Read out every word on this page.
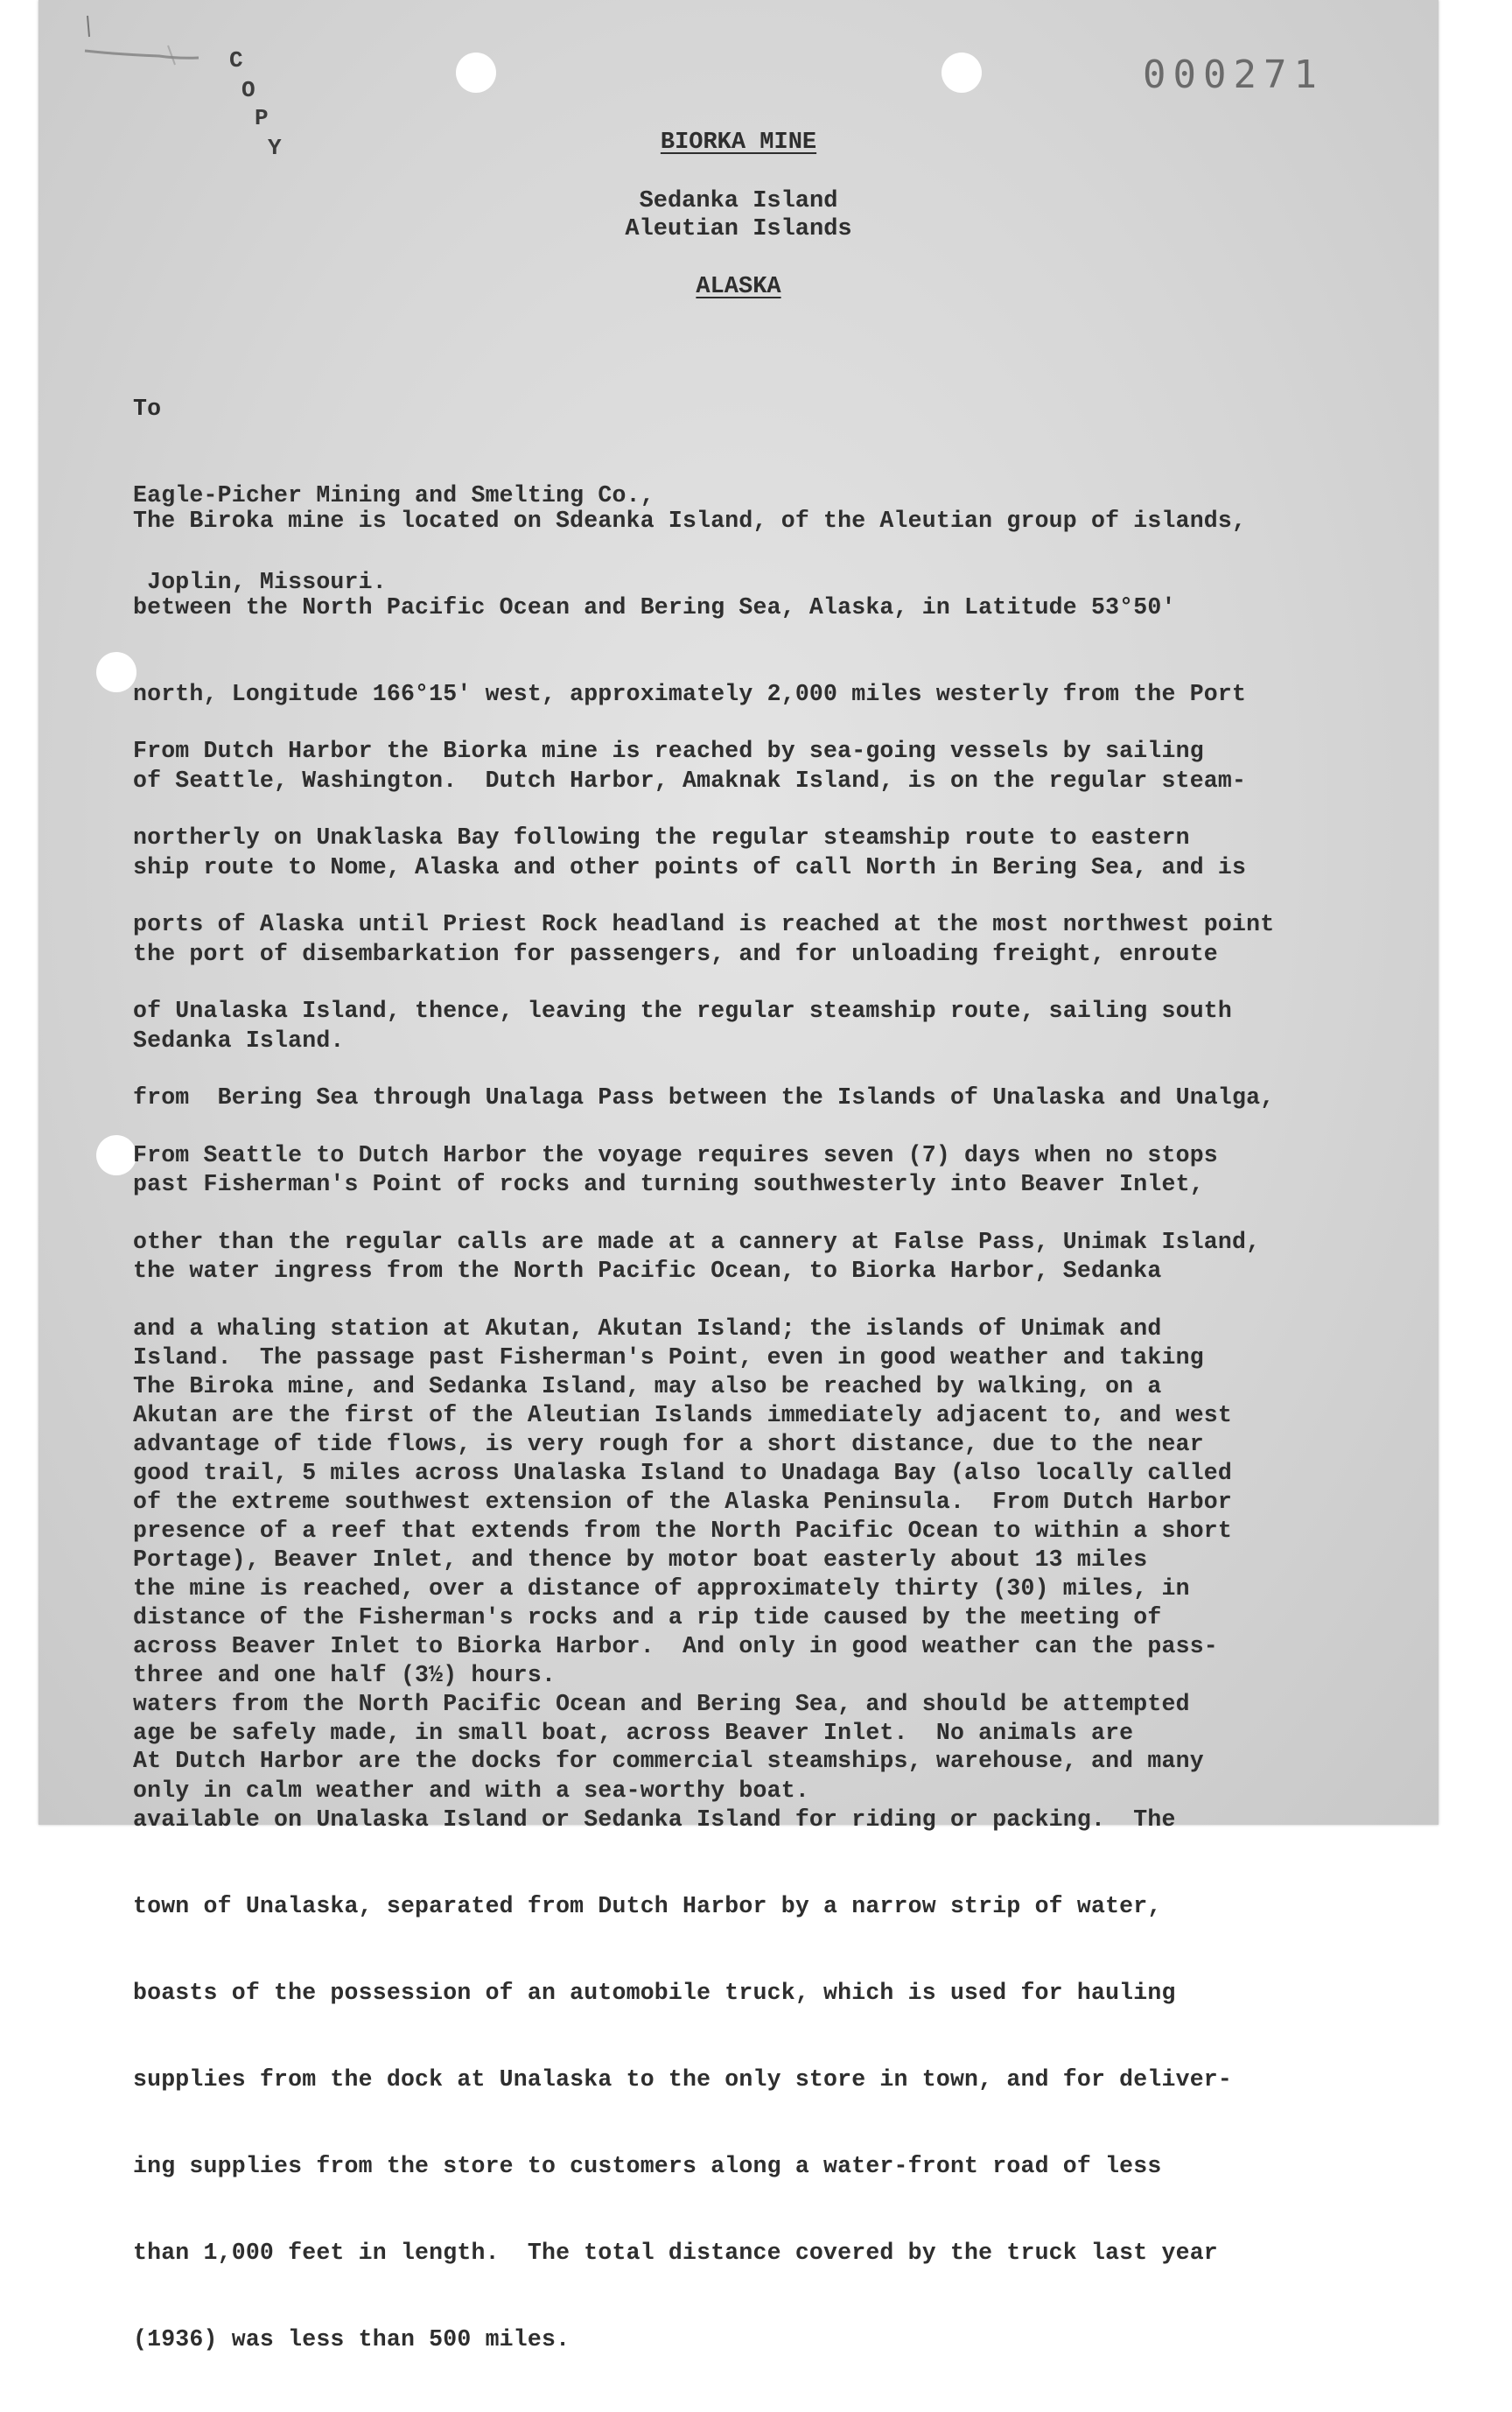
C
O
P
Y
000271
BIORKA MINE
Sedanka Island
Aleutian Islands
ALASKA

To

Eagle-Picher Mining and Smelting Co.,

Joplin, Missouri.

The Biroka mine is located on Sdeanka Island, of the Aleutian group of islands,

between the North Pacific Ocean and Bering Sea, Alaska, in Latitude 53°50'

north, Longitude 166°15' west, approximately 2,000 miles westerly from the Port

of Seattle, Washington.  Dutch Harbor, Amaknak Island, is on the regular steam-

ship route to Nome, Alaska and other points of call North in Bering Sea, and is

the port of disembarkation for passengers, and for unloading freight, enroute

Sedanka Island.

From Dutch Harbor the Biorka mine is reached by sea-going vessels by sailing

northerly on Unaklaska Bay following the regular steamship route to eastern

ports of Alaska until Priest Rock headland is reached at the most northwest point

of Unalaska Island, thence, leaving the regular steamship route, sailing south

from  Bering Sea through Unalaga Pass between the Islands of Unalaska and Unalga,

past Fisherman's Point of rocks and turning southwesterly into Beaver Inlet,

the water ingress from the North Pacific Ocean, to Biorka Harbor, Sedanka

Island.  The passage past Fisherman's Point, even in good weather and taking

advantage of tide flows, is very rough for a short distance, due to the near

presence of a reef that extends from the North Pacific Ocean to within a short

distance of the Fisherman's rocks and a rip tide caused by the meeting of

waters from the North Pacific Ocean and Bering Sea, and should be attempted

only in calm weather and with a sea-worthy boat.

From Seattle to Dutch Harbor the voyage requires seven (7) days when no stops

other than the regular calls are made at a cannery at False Pass, Unimak Island,

and a whaling station at Akutan, Akutan Island; the islands of Unimak and

Akutan are the first of the Aleutian Islands immediately adjacent to, and west

of the extreme southwest extension of the Alaska Peninsula.  From Dutch Harbor

the mine is reached, over a distance of approximately thirty (30) miles, in

three and one half (3½) hours.

The Biroka mine, and Sedanka Island, may also be reached by walking, on a

good trail, 5 miles across Unalaska Island to Unadaga Bay (also locally called

Portage), Beaver Inlet, and thence by motor boat easterly about 13 miles

across Beaver Inlet to Biorka Harbor.  And only in good weather can the pass-

age be safely made, in small boat, across Beaver Inlet.  No animals are

available on Unalaska Island or Sedanka Island for riding or packing.  The

town of Unalaska, separated from Dutch Harbor by a narrow strip of water,

boasts of the possession of an automobile truck, which is used for hauling

supplies from the dock at Unalaska to the only store in town, and for deliver-

ing supplies from the store to customers along a water-front road of less

than 1,000 feet in length.  The total distance covered by the truck last year

(1936) was less than 500 miles.

At Dutch Harbor are the docks for commercial steamships, warehouse, and many
